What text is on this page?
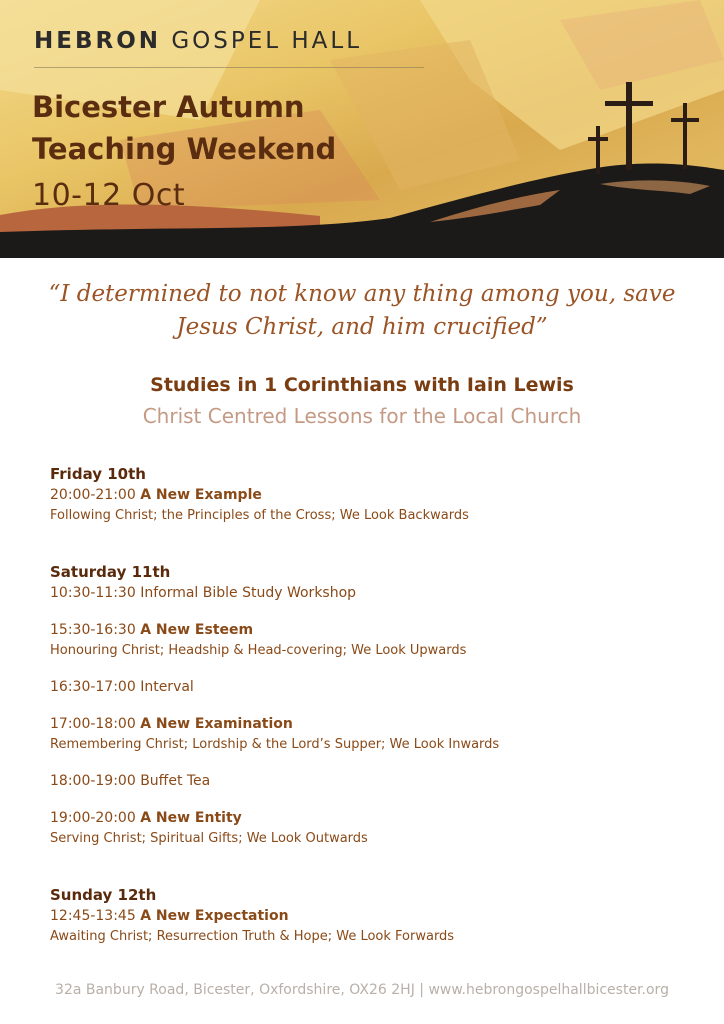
HEBRON GOSPEL HALL
Bicester Autumn Teaching Weekend

10-12 Oct

“I determined to not know any thing among you, save Jesus Christ, and him crucified”

Studies in 1 Corinthians with Iain Lewis

Christ Centred Lessons for the Local Church

Friday 10th

20:00-21:00 A New Example

Following Christ; the Principles of the Cross; We Look Backwards

Saturday 11th

10:30-11:30 Informal Bible Study Workshop

15:30-16:30 A New Esteem

Honouring Christ; Headship & Head-covering; We Look Upwards

16:30-17:00 Interval

17:00-18:00 A New Examination

Remembering Christ; Lordship & the Lord’s Supper; We Look Inwards

18:00-19:00 Buffet Tea

19:00-20:00 A New Entity

Serving Christ; Spiritual Gifts; We Look Outwards

Sunday 12th

12:45-13:45 A New Expectation

Awaiting Christ; Resurrection Truth & Hope; We Look Forwards

32a Banbury Road, Bicester, Oxfordshire, OX26 2HJ | www.hebrongospelhallbicester.org
